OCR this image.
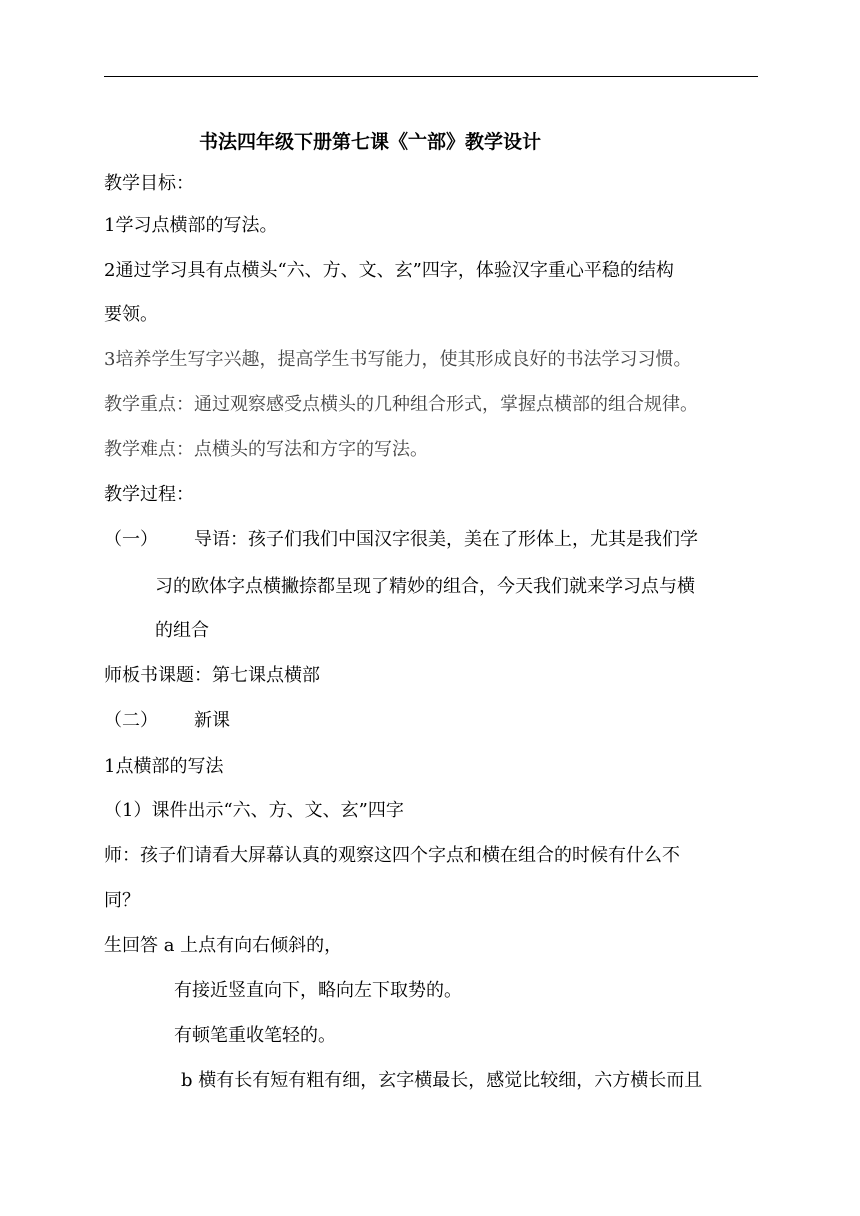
书法四年级下册第七课《亠部》教学设计
教学目标：
1学习点横部的写法。
2通过学习具有点横头“六、方、文、玄”四字，体验汉字重心平稳的结构
要领。
3培养学生写字兴趣，提高学生书写能力，使其形成良好的书法学习习惯。
教学重点：通过观察感受点横头的几种组合形式，掌握点横部的组合规律。
教学难点：点横头的写法和方字的写法。
教学过程：
（一） 导语：孩子们我们中国汉字很美，美在了形体上，尤其是我们学
习的欧体字点横撇捺都呈现了精妙的组合，今天我们就来学习点与横
的组合
师板书课题：第七课点横部
（二） 新课
1点横部的写法
（1）课件出示“六、方、文、玄”四字
师：孩子们请看大屏幕认真的观察这四个字点和横在组合的时候有什么不
同？
生回答 a 上点有向右倾斜的，
有接近竖直向下，略向左下取势的。
有顿笔重收笔轻的。
b 横有长有短有粗有细，玄字横最长，感觉比较细，六方横长而且
